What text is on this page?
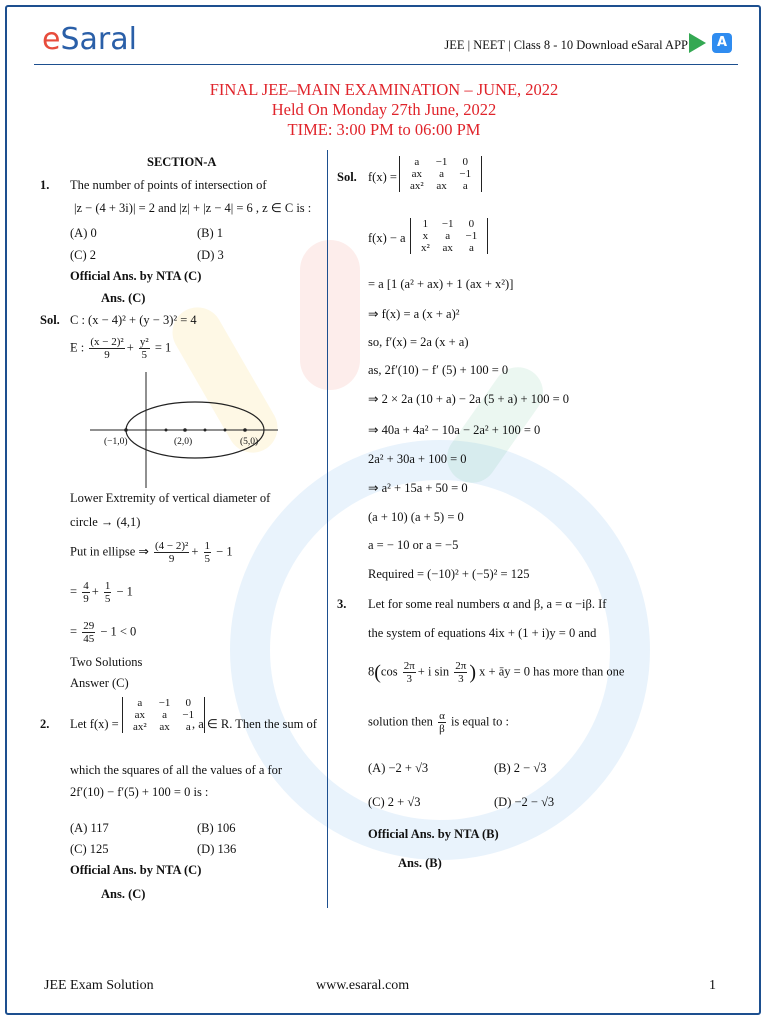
eSaral	JEE | NEET | Class 8 - 10 Download eSaral APP	A
FINAL JEE–MAIN EXAMINATION – JUNE, 2022
Held On Monday 27th June, 2022
TIME: 3:00 PM to 06:00 PM
SECTION-A
1. The number of points of intersection of
|z − (4 + 3i)| = 2 and |z| + |z − 4| = 6 , z ∈ C is :
(A) 0	(B) 1
(C) 2	(D) 3
Official Ans. by NTA (C)
Ans. (C)
Sol. C : (x − 4)² + (y − 3)² = 4
E : $\frac{\text{(x − 2)²}}{9} + \frac{\text{y²}}{5} = 1$
(−1,0)	(2,0)	(5,0)
Lower Extremity of vertical diameter of
circle → (4,1)
Put in ellipse ⇒ $\frac{\text{(4 − 2)²}}{9} + \frac{1}{5} - 1$
= $\frac{4}{9} + \frac{1}{5} - 1$
= $\frac{29}{45} - 1 < 0$
Two Solutions
Answer (C)
2. Let f(x) =
a	−1	0
ax	a	−1
ax²	ax	a , a ∈ R. Then the sum of
which the squares of all the values of a for
2f′(10) − f′(5) + 100 = 0 is :
(A) 117	(B) 106
(C) 125	(D) 136
Official Ans. by NTA (C)
Ans. (C)
Sol. f(x) =
a	−1	0
ax	a	−1
ax²	ax	a
f(x) − a
1	−1	0
x	a	−1
x²	ax	a
= a [1 (a² + ax) + 1 (ax + x²)]
⇒ f(x) = a (x + a)²
so, f′(x) = 2a (x + a)
as, 2f′(10) − f′ (5) + 100 = 0
⇒ 2 × 2a (10 + a) − 2a (5 + a) + 100 = 0
⇒ 40a + 4a² − 10a − 2a² + 100 = 0
2a² + 30a + 100 = 0
⇒ a² + 15a + 50 = 0
(a + 10) (a + 5) = 0
a = − 10 or a = −5
Required = (−10)² + (−5)² = 125
3. Let for some real numbers α and β, a = α −iβ. If
the system of equations 4ix + (1 + i)y = 0 and
$8(\cos \frac{2\pi}{3} + i$ $\sin \frac{2\pi}{3}$ ) x + āy = 0 has more than one
solution then $\frac{\alpha}{\beta}$ is equal to :
(A) −2 + √3	(B) 2 − √3
(C) 2 + √3	(D) −2 − √3
Official Ans. by NTA (B)
Ans. (B)
JEE Exam Solution	www.esaral.com	1
